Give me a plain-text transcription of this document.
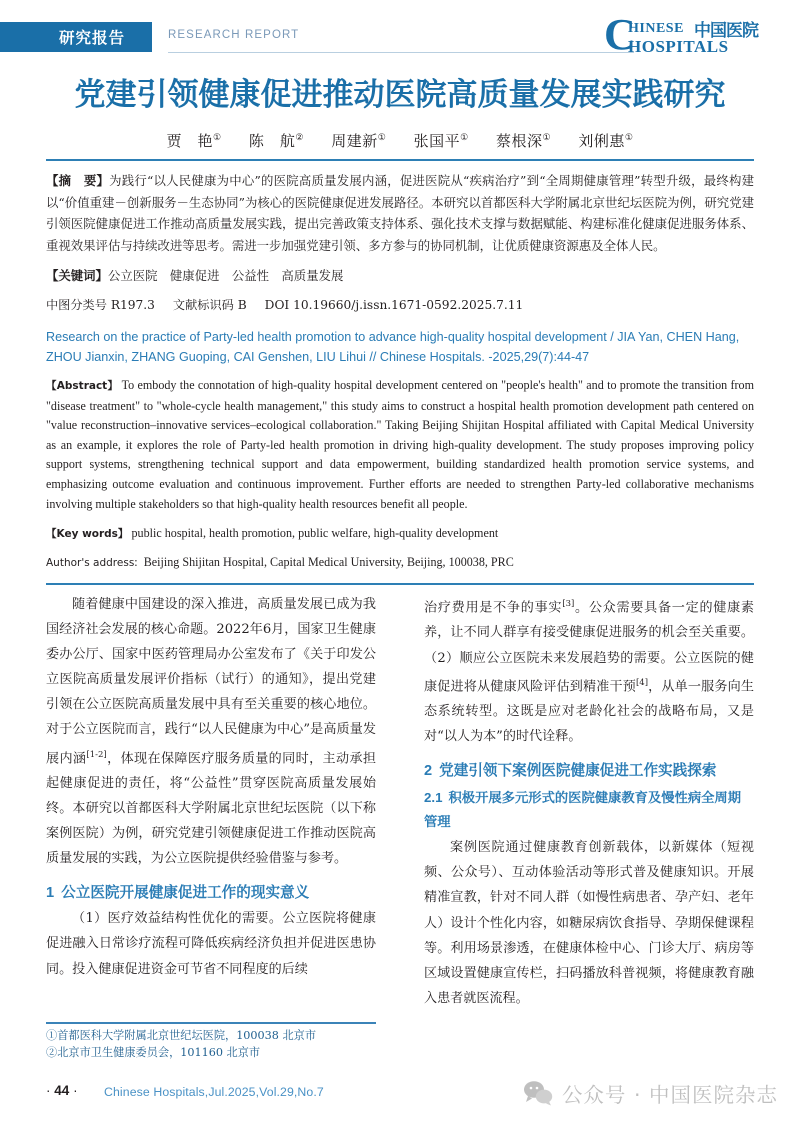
研究报告	RESEARCH REPORT	C
HINESE 中国医院
HOSPITALS
党建引领健康促进推动医院高质量发展实践研究
贾　艳① 陈　航② 周建新① 张国平① 蔡根深① 刘俐惠①
【摘　要】为践行“以人民健康为中心”的医院高质量发展内涵，促进医院从“疾病治疗”到“全周期健康管理”转型升级，最终构建以“价值重建－创新服务－生态协同”为核心的医院健康促进发展路径。本研究以首都医科大学附属北京世纪坛医院为例，研究党建引领医院健康促进工作推动高质量发展实践，提出完善政策支持体系、强化技术支撑与数据赋能、构建标准化健康促进服务体系、重视效果评估与持续改进等思考。需进一步加强党建引领、多方参与的协同机制，让优质健康资源惠及全体人民。
【关键词】公立医院　健康促进　公益性　高质量发展
中图分类号 R197.3 文献标识码 B DOI 10.19660/j.issn.1671-0592.2025.7.11
Research on the practice of Party-led health promotion to advance high-quality hospital development / JIA Yan, CHEN Hang, ZHOU Jianxin, ZHANG Guoping, CAI Genshen, LIU Lihui // Chinese Hospitals. -2025,29(7):44-47
【Abstract】 To embody the connotation of high-quality hospital development centered on "people's health" and to promote the transition from "disease treatment" to "whole-cycle health management," this study aims to construct a hospital health promotion development path centered on "value reconstruction–innovative services–ecological collaboration." Taking Beijing Shijitan Hospital affiliated with Capital Medical University as an example, it explores the role of Party-led health promotion in driving high-quality development. The study proposes improving policy support systems, strengthening technical support and data empowerment, building standardized health promotion service systems, and emphasizing outcome evaluation and continuous improvement. Further efforts are needed to strengthen Party-led collaborative mechanisms involving multiple stakeholders so that high-quality health resources benefit all people.
【Key words】 public hospital, health promotion, public welfare, high-quality development
Author's address:  Beijing Shijitan Hospital, Capital Medical University, Beijing, 100038, PRC

随着健康中国建设的深入推进，高质量发展已成为我国经济社会发展的核心命题。2022年6月，国家卫生健康委办公厅、国家中医药管理局办公室发布了《关于印发公立医院高质量发展评价指标（试行）的通知》，提出党建引领在公立医院高质量发展中具有至关重要的核心地位。对于公立医院而言，践行“以人民健康为中心”是高质量发展内涵[1-2]，体现在保障医疗服务质量的同时，主动承担起健康促进的责任，将“公益性”贯穿医院高质量发展始终。本研究以首都医科大学附属北京世纪坛医院（以下称案例医院）为例，研究党建引领健康促进工作推动医院高质量发展的实践，为公立医院提供经验借鉴与参考。

1 公立医院开展健康促进工作的现实意义

（1）医疗效益结构性优化的需要。公立医院将健康促进融入日常诊疗流程可降低疾病经济负担并促进医患协同。投入健康促进资金可节省不同程度的后续

治疗费用是不争的事实[3]。公众需要具备一定的健康素养，让不同人群享有接受健康促进服务的机会至关重要。（2）顺应公立医院未来发展趋势的需要。公立医院的健康促进将从健康风险评估到精准干预[4]，从单一服务向生态系统转型。这既是应对老龄化社会的战略布局，又是对“以人为本”的时代诠释。

2 党建引领下案例医院健康促进工作实践探索
2.1 积极开展多元形式的医院健康教育及慢性病全周期管理

案例医院通过健康教育创新载体，以新媒体（短视频、公众号）、互动体验活动等形式普及健康知识。开展精准宣教，针对不同人群（如慢性病患者、孕产妇、老年人）设计个性化内容，如糖尿病饮食指导、孕期保健课程等。利用场景渗透，在健康体检中心、门诊大厅、病房等区域设置健康宣传栏，扫码播放科普视频，将健康教育融入患者就医流程。

①首都医科大学附属北京世纪坛医院，100038 北京市
②北京市卫生健康委员会，101160 北京市
· 44 · Chinese Hospitals,Jul.2025,Vol.29,No.7	公众号 · 中国医院杂志
